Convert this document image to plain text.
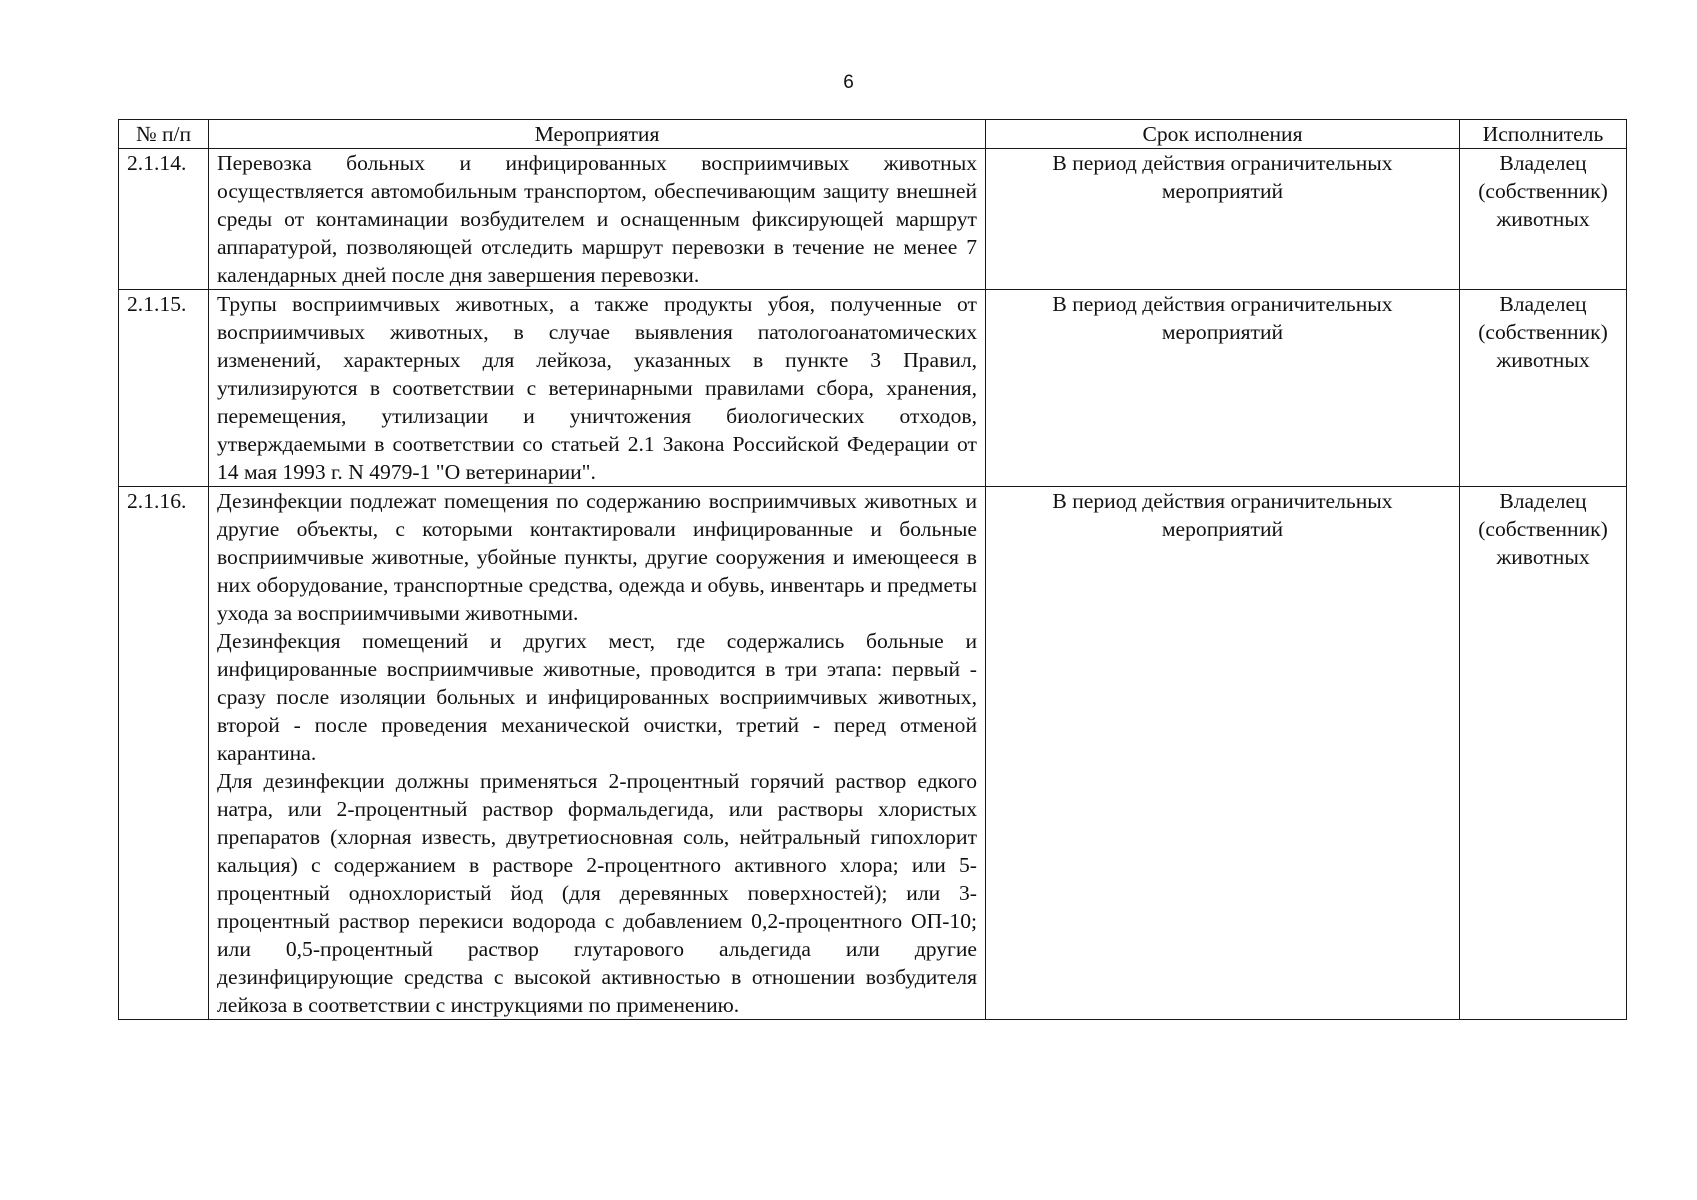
6
№ п/п	Мероприятия	Срок исполнения	Исполнитель
2.1.14.	Перевозка больных и инфицированных восприимчивых животных осуществляется автомобильным транспортом, обеспечивающим защиту внешней среды от контаминации возбудителем и оснащенным фиксирующей маршрут аппаратурой, позволяющей отследить маршрут перевозки в течение не менее 7 календарных дней после дня завершения перевозки.	В период действия ограничительных мероприятий	Владелец (собственник) животных
2.1.15.	Трупы восприимчивых животных, а также продукты убоя, полученные от восприимчивых животных, в случае выявления патологоанатомических изменений, характерных для лейкоза, указанных в пункте 3 Правил, утилизируются в соответствии с ветеринарными правилами сбора, хранения, перемещения, утилизации и уничтожения биологических отходов, утверждаемыми в соответствии со статьей 2.1 Закона Российской Федерации от 14 мая 1993 г. N 4979-1 "О ветеринарии".	В период действия ограничительных мероприятий	Владелец (собственник) животных
2.1.16.	Дезинфекции подлежат помещения по содержанию восприимчивых животных и другие объекты, с которыми контактировали инфицированные и больные восприимчивые животные, убойные пункты, другие сооружения и имеющееся в них оборудование, транспортные средства, одежда и обувь, инвентарь и предметы ухода за восприимчивыми животными.

Дезинфекция помещений и других мест, где содержались больные и инфицированные восприимчивые животные, проводится в три этапа: первый - сразу после изоляции больных и инфицированных восприимчивых животных, второй - после проведения механической очистки, третий - перед отменой карантина.

Для дезинфекции должны применяться 2-процентный горячий раствор едкого натра, или 2-процентный раствор формальдегида, или растворы хлористых препаратов (хлорная известь, двутретиосновная соль, нейтральный гипохлорит кальция) с содержанием в растворе 2-процентного активного хлора; или 5-процентный однохлористый йод (для деревянных поверхностей); или 3-процентный раствор перекиси водорода с добавлением 0,2-процентного ОП-10; или 0,5-процентный раствор глутарового альдегида или другие дезинфицирующие средства с высокой активностью в отношении возбудителя лейкоза в соответствии с инструкциями по применению.	В период действия ограничительных мероприятий	Владелец (собственник) животных
